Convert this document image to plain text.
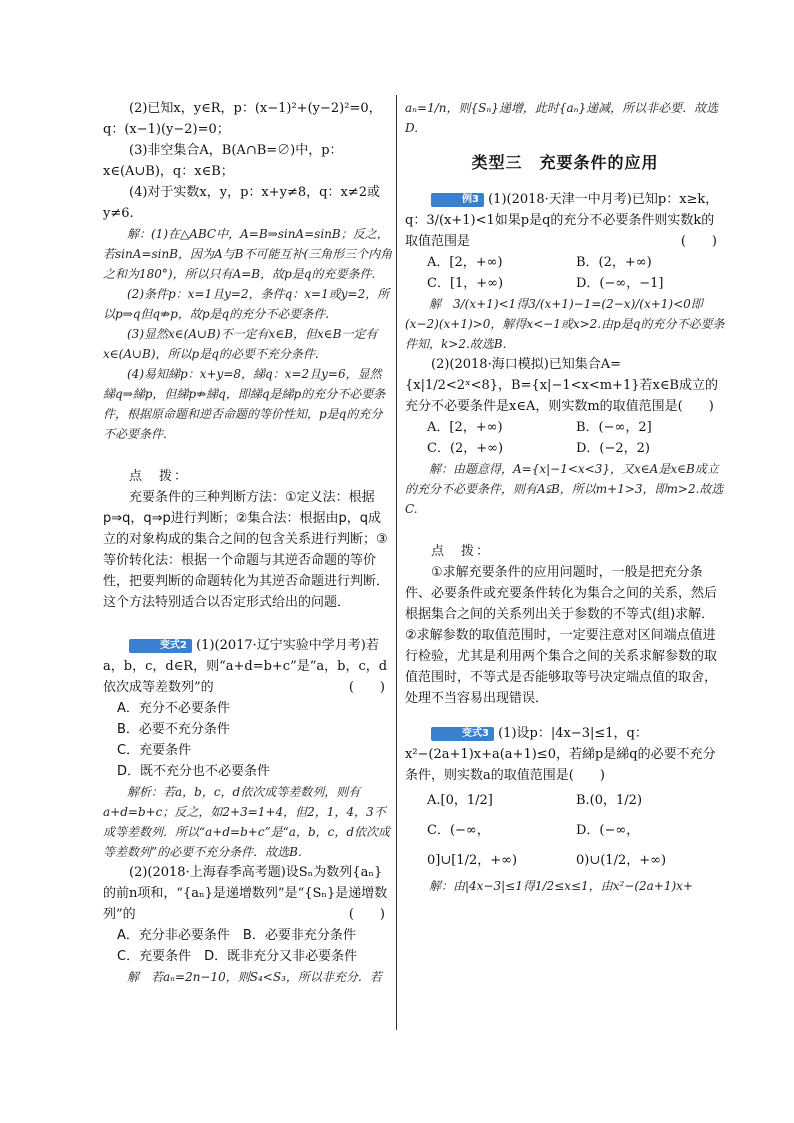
(2)已知x，y∈R，p：(x−1)²+(y−2)²=0，q：(x−1)(y−2)=0；

(3)非空集合A，B(A∩B=∅)中，p：x∈(A∪B)，q：x∈B；

(4)对于实数x，y，p：x+y≠8，q：x≠2或y≠6.

解：(1)在△ABC中，A=B⇒sinA=sinB；反之，若sinA=sinB，因为A与B不可能互补(三角形三个内角之和为180°)，所以只有A=B，故p是q的充要条件.

(2)条件p：x=1且y=2，条件q：x=1或y=2，所以p⇒q但q⇏p，故p是q的充分不必要条件.

(3)显然x∈(A∪B)不一定有x∈B，但x∈B一定有x∈(A∪B)，所以p是q的必要不充分条件.

(4)易知綈p：x+y=8，綈q：x=2且y=6，显然綈q⇒綈p，但綈p⇏綈q，即綈q是綈p的充分不必要条件，根据原命题和逆否命题的等价性知，p是q的充分不必要条件.

点　拨：

充要条件的三种判断方法：①定义法：根据p⇒q，q⇒p进行判断；②集合法：根据由p，q成立的对象构成的集合之间的包含关系进行判断；③等价转化法：根据一个命题与其逆否命题的等价性，把要判断的命题转化为其逆否命题进行判断．这个方法特别适合以否定形式给出的问题．

变式2 (1)(2017·辽宁实验中学月考)若a，b，c，d∈R，则“a+d=b+c”是“a，b，c，d依次成等差数列”的	(　　)

A．充分不必要条件
B．必要不充分条件
C．充要条件
D．既不充分也不必要条件

解析：若a，b，c，d依次成等差数列，则有a+d=b+c；反之，如2+3=1+4，但2，1，4，3不成等差数列．所以“a+d=b+c”是“a，b，c，d依次成等差数列”的必要不充分条件．故选B.

(2)(2018·上海春季高考题)设Sₙ为数列{aₙ}的前n项和，“{aₙ}是递增数列”是“{Sₙ}是递增数列”的	(　　)

A．充分非必要条件　 B．必要非充分条件
C．充要条件　 D．既非充分又非必要条件

解　若aₙ=2n−10，则S₄<S₃，所以非充分．若

aₙ=1/n，则{Sₙ}递增，此时{aₙ}递减，所以非必要．故选D.

类型三　充要条件的应用

例3 (1)(2018·天津一中月考)已知p：x≥k，q：3/(x+1)<1如果p是q的充分不必要条件则实数k的取值范围是	(　　)

A．[2，+∞)	B．(2，+∞)
C．[1，+∞)	D．(−∞，−1]

解　3/(x+1)<1得3/(x+1)−1=(2−x)/(x+1)<0即(x−2)(x+1)>0，解得x<−1或x>2.由p是q的充分不必要条件知，k>2.故选B.

(2)(2018·海口模拟)已知集合A={x|1/2<2ˣ<8}，B={x|−1<x<m+1}若x∈B成立的充分不必要条件是x∈A，则实数m的取值范围是(　　)

A．[2，+∞)	B．(−∞，2]
C．(2，+∞)	D．(−2，2)

解：由题意得，A={x|−1<x<3}，又x∈A是x∈B成立的充分不必要条件，则有A⫋B，所以m+1>3，即m>2.故选C.

点　拨：

①求解充要条件的应用问题时，一般是把充分条件、必要条件或充要条件转化为集合之间的关系，然后根据集合之间的关系列出关于参数的不等式(组)求解．②求解参数的取值范围时，一定要注意对区间端点值进行检验，尤其是利用两个集合之间的关系求解参数的取值范围时，不等式是否能够取等号决定端点值的取舍，处理不当容易出现错误．

变式3 (1)设p：|4x−3|≤1，q：x²−(2a+1)x+a(a+1)≤0，若綈p是綈q的必要不充分条件，则实数a的取值范围是(　　)

A.[0，1/2]	B.(0，1/2)
C．(−∞，0]∪[1/2，+∞)
D．(−∞，0)∪(1/2，+∞)

解：由|4x−3|≤1得1/2≤x≤1，由x²−(2a+1)x+
